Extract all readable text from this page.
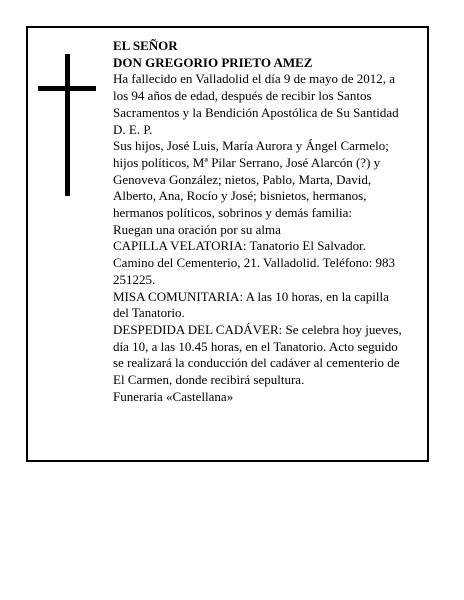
EL SEÑOR
DON GREGORIO PRIETO AMEZ
Ha fallecido en Valladolid el día 9 de mayo de 2012, a
los 94 años de edad, después de recibir los Santos
Sacramentos y la Bendición Apostólica de Su Santidad
D. E. P.
Sus hijos, José Luis, María Aurora y Ángel Carmelo;
hijos políticos, Mª Pilar Serrano, José Alarcón (?) y
Genoveva González; nietos, Pablo, Marta, David,
Alberto, Ana, Rocío y José; bisnietos, hermanos,
hermanos políticos, sobrinos y demás familia:
Ruegan una oración por su alma
CAPILLA VELATORIA: Tanatorio El Salvador.
Camino del Cementerio, 21. Valladolid. Teléfono: 983
251225.
MISA COMUNITARIA: A las 10 horas, en la capilla
del Tanatorio.
DESPEDIDA DEL CADÁVER: Se celebra hoy jueves,
día 10, a las 10.45 horas, en el Tanatorio. Acto seguido
se realizará la conducción del cadáver al cementerio de
El Carmen, donde recibirá sepultura.
Funeraria «Castellana»
